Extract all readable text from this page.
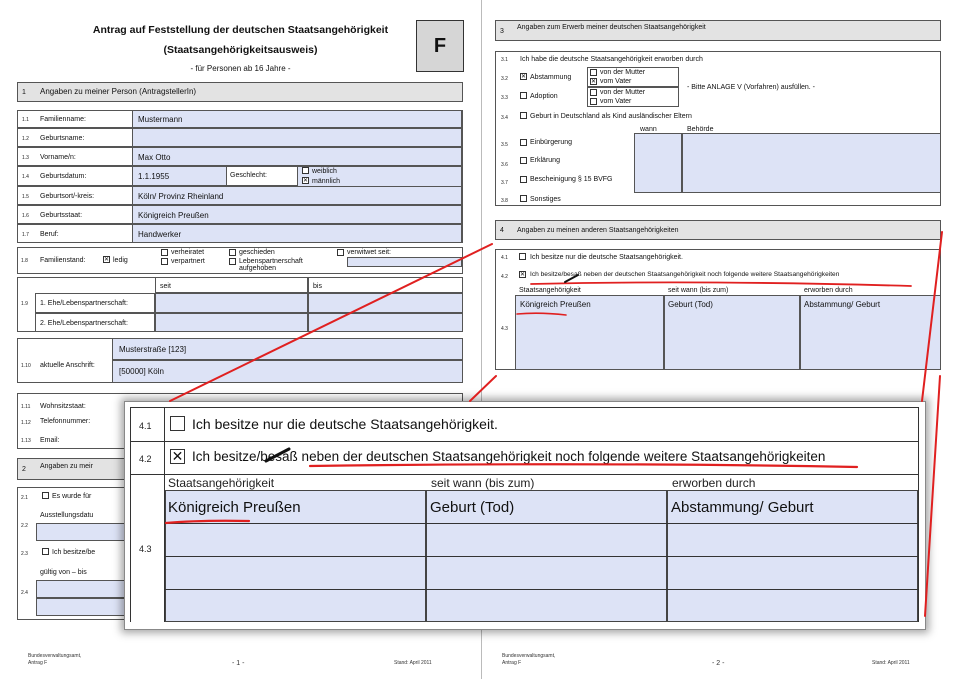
Antrag auf Feststellung der deutschen Staatsangehörigkeit
(Staatsangehörigkeitsausweis)
- für Personen ab 16 Jahre -
F
1 Angaben zu meiner Person (AntragstellerIn)
1.1 Familienname:	Mustermann
1.2 Geburtsname:
1.3 Vorname/n:	Max Otto
1.4 Geburtsdatum:	1.1.1955
1.5 Geburtsort/-kreis:	Köln/ Provinz Rheinland
1.6 Geburtsstaat:	Königreich Preußen
1.7 Beruf:	Handwerker
Geschlecht:
weiblich
✕
männlich
1.8 Familienstand: ✕	ledig
verheiratet
verpartnert
geschieden
Lebenspartnerschaft aufgehoben
verwitwet seit:
1.9
seit	bis
1. Ehe/Lebenspartnerschaft:
2. Ehe/Lebenspartnerschaft:
1.10 aktuelle Anschrift:
Musterstraße [123]
[50000] Köln
1.11 Wohnsitzstaat:
1.12 Telefonnummer:
1.13 Email:
2 Angaben zu meir
2.1	Es wurde für
2.2
Ausstellungsdatu
2.3	Ich besitze/be
2.4
gültig von – bis
Bundesverwaltungsamt,
Antrag F	- 1 -	Stand: April 2011
3
Angaben zum Erwerb meiner deutschen Staatsangehörigkeit
3.1 Ich habe die deutsche Staatsangehörigkeit erworben durch
3.2 ✕	Abstammung
von der Mutter
✕
vom Vater
3.3	Adoption
von der Mutter
vom Vater
- Bitte ANLAGE V (Vorfahren) ausfüllen. -
3.4	Geburt in Deutschland als Kind ausländischer Eltern
wann	Behörde
3.5	Einbürgerung
3.6
Erklärung
3.7	Bescheinigung § 15 BVFG
3.8	Sonstiges
4 Angaben zu meinen anderen Staatsangehörigkeiten
4.1	Ich besitze nur die deutsche Staatsangehörigkeit.
4.2 ✕	Ich besitze/besaß neben der deutschen Staatsangehörigkeit noch folgende weitere Staatsangehörigkeiten
4.3
Staatsangehörigkeit	seit wann (bis zum)	erworben durch
Königreich Preußen	Geburt (Tod)	Abstammung/ Geburt
Bundesverwaltungsamt,
Antrag F	- 2 -	Stand: April 2011
4.1	Ich besitze nur die deutsche Staatsangehörigkeit.
4.2 ✕ Ich besitze/besaß neben der deutschen Staatsangehörigkeit noch folgende weitere Staatsangehörigkeiten
4.3
Staatsangehörigkeit	seit wann (bis zum)	erworben durch
Königreich Preußen	Geburt (Tod)	Abstammung/ Geburt
